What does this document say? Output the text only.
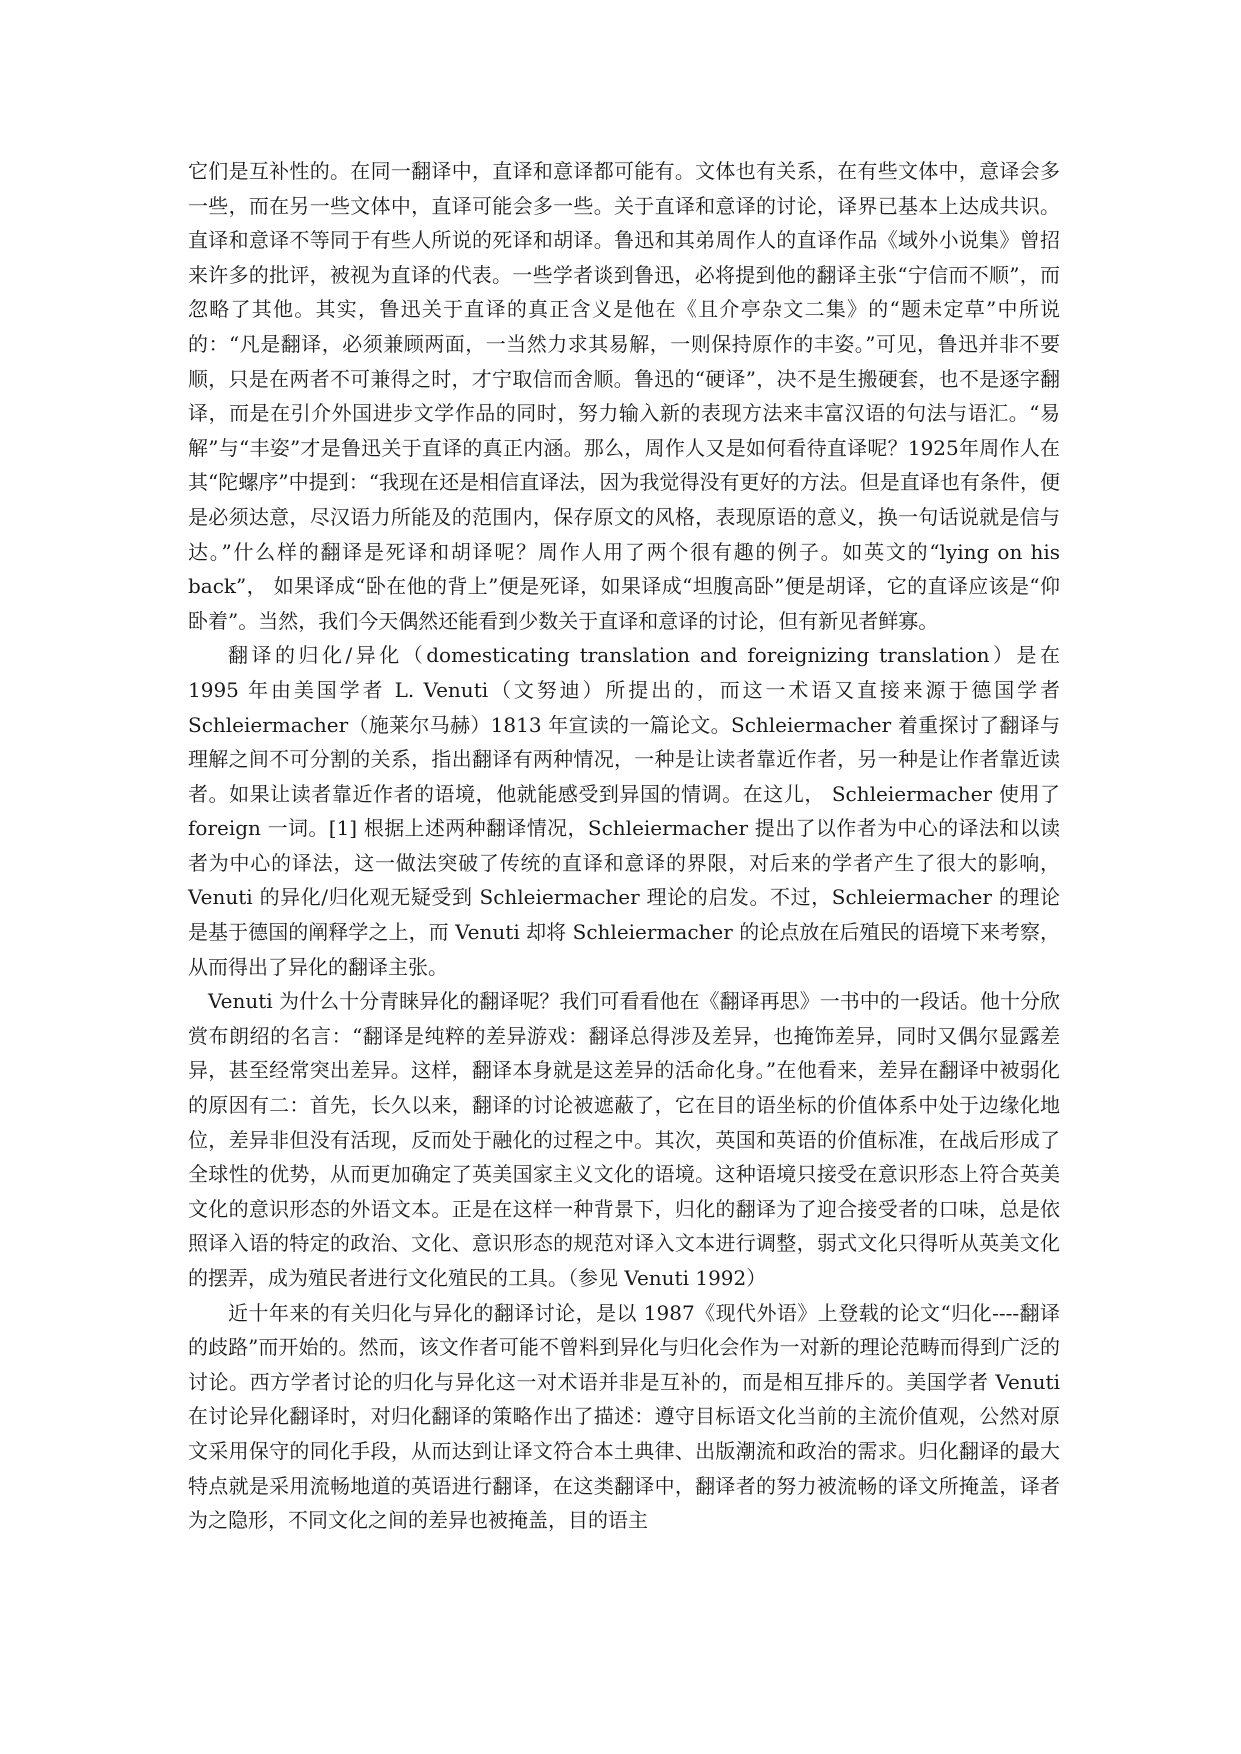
它们是互补性的。在同一翻译中，直译和意译都可能有。文体也有关系，在有些文体中，意译会多一些，而在另一些文体中，直译可能会多一些。关于直译和意译的讨论，译界已基本上达成共识。直译和意译不等同于有些人所说的死译和胡译。鲁迅和其弟周作人的直译作品《域外小说集》曾招来许多的批评，被视为直译的代表。一些学者谈到鲁迅，必将提到他的翻译主张“宁信而不顺”，而忽略了其他。其实，鲁迅关于直译的真正含义是他在《且介亭杂文二集》的“题未定草”中所说的：“凡是翻译，必须兼顾两面，一当然力求其易解，一则保持原作的丰姿。”可见，鲁迅并非不要顺，只是在两者不可兼得之时，才宁取信而舍顺。鲁迅的“硬译”，决不是生搬硬套，也不是逐字翻译，而是在引介外国进步文学作品的同时，努力输入新的表现方法来丰富汉语的句法与语汇。“易解”与“丰姿”才是鲁迅关于直译的真正内涵。那么，周作人又是如何看待直译呢？1925年周作人在其“陀螺序”中提到：“我现在还是相信直译法，因为我觉得没有更好的方法。但是直译也有条件，便是必须达意，尽汉语力所能及的范围内，保存原文的风格，表现原语的意义，换一句话说就是信与达。”什么样的翻译是死译和胡译呢？周作人用了两个很有趣的例子。如英文的“lying on his back”， 如果译成“卧在他的背上”便是死译，如果译成“坦腹高卧”便是胡译，它的直译应该是“仰卧着”。当然，我们今天偶然还能看到少数关于直译和意译的讨论，但有新见者鲜寡。

翻译的归化/异化（domesticating translation and foreignizing translation）是在 1995 年由美国学者 L. Venuti（文努迪）所提出的，而这一术语又直接来源于德国学者 Schleiermacher（施莱尔马赫）1813 年宣读的一篇论文。Schleiermacher 着重探讨了翻译与理解之间不可分割的关系，指出翻译有两种情况，一种是让读者靠近作者，另一种是让作者靠近读者。如果让读者靠近作者的语境，他就能感受到异国的情调。在这儿， Schleiermacher 使用了 foreign 一词。[1] 根据上述两种翻译情况，Schleiermacher 提出了以作者为中心的译法和以读者为中心的译法，这一做法突破了传统的直译和意译的界限，对后来的学者产生了很大的影响，Venuti 的异化/归化观无疑受到 Schleiermacher 理论的启发。不过，Schleiermacher 的理论是基于德国的阐释学之上，而 Venuti 却将 Schleiermacher 的论点放在后殖民的语境下来考察，从而得出了异化的翻译主张。

Venuti 为什么十分青睐异化的翻译呢？我们可看看他在《翻译再思》一书中的一段话。他十分欣赏布朗绍的名言：“翻译是纯粹的差异游戏：翻译总得涉及差异，也掩饰差异，同时又偶尔显露差异，甚至经常突出差异。这样，翻译本身就是这差异的活命化身。”在他看来，差异在翻译中被弱化的原因有二：首先，长久以来，翻译的讨论被遮蔽了，它在目的语坐标的价值体系中处于边缘化地位，差异非但没有活现，反而处于融化的过程之中。其次，英国和英语的价值标准，在战后形成了全球性的优势，从而更加确定了英美国家主义文化的语境。这种语境只接受在意识形态上符合英美文化的意识形态的外语文本。正是在这样一种背景下，归化的翻译为了迎合接受者的口味，总是依照译入语的特定的政治、文化、意识形态的规范对译入文本进行调整，弱式文化只得听从英美文化的摆弄，成为殖民者进行文化殖民的工具。（参见 Venuti 1992）

近十年来的有关归化与异化的翻译讨论，是以 1987《现代外语》上登载的论文“归化----翻译的歧路”而开始的。然而，该文作者可能不曾料到异化与归化会作为一对新的理论范畴而得到广泛的讨论。西方学者讨论的归化与异化这一对术语并非是互补的，而是相互排斥的。美国学者 Venuti 在讨论异化翻译时，对归化翻译的策略作出了描述：遵守目标语文化当前的主流价值观，公然对原文采用保守的同化手段，从而达到让译文符合本土典律、出版潮流和政治的需求。归化翻译的最大特点就是采用流畅地道的英语进行翻译，在这类翻译中，翻译者的努力被流畅的译文所掩盖，译者为之隐形，不同文化之间的差异也被掩盖，目的语主
